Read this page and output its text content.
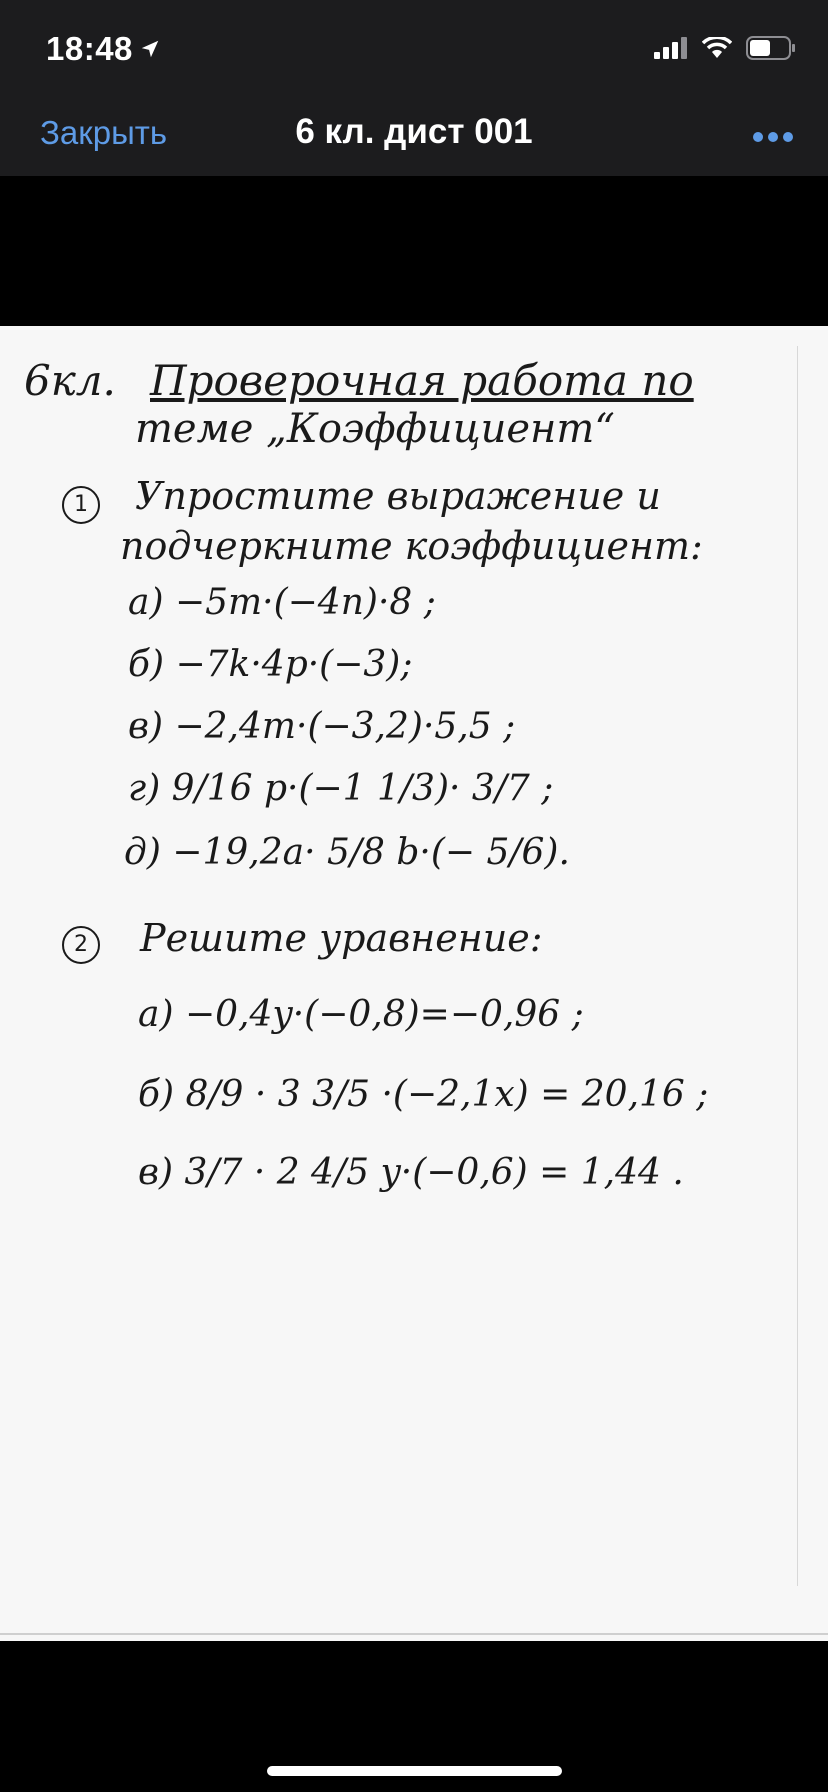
18:48
Закрыть	6 кл. дист 001
6кл. Проверочная работа по
теме „Коэффициент“
1	Упростите выражение и
подчеркните коэффициент:
а) −5m·(−4n)·8 ;
б) −7k·4p·(−3);
в) −2,4m·(−3,2)·5,5 ;
г) 9/16 p·(−1 1/3)· 3/7 ;
д) −19,2a· 5/8 b·(− 5/6).
2	Решите уравнение:
а) −0,4y·(−0,8)=−0,96 ;
б) 8/9 · 3 3/5 ·(−2,1x) = 20,16 ;
в) 3/7 · 2 4/5 y·(−0,6) = 1,44 .
